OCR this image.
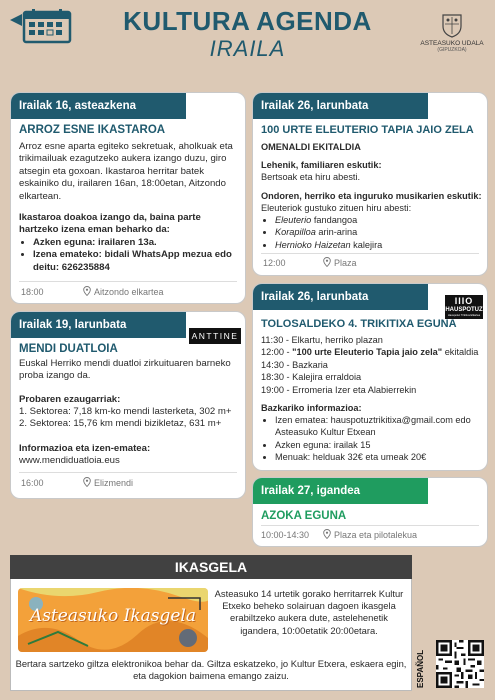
KULTURA AGENDA
IRAILA	ASTEASUKO UDALA
(GIPUZKOA)
Irailak 16, asteazkena
ARROZ ESNE IKASTAROA
Arroz esne aparta egiteko sekretuak, aholkuak eta trikimailuak ezagutzeko aukera izango duzu, giro atsegin eta goxoan. Ikastaroa herritar batek eskainiko du, irailaren 16an, 18:00etan, Aitzondo elkartean.
Ikastaroa doakoa izango da, baina parte hartzeko izena eman beharko da:
• Azken eguna: irailaren 13a.
• Izena emateko: bidali WhatsApp mezua edo deitu: 626235884
18:00	Aitzondo elkartea
Irailak 19, larunbata
ANTTINE
MENDI DUATLOIA
Euskal Herriko mendi duatloi zirkuituaren barneko proba izango da.
Probaren ezaugarriak:
1. Sektorea: 7,18 km-ko mendi lasterketa, 302 m+
2. Sektorea: 15,76 km mendi bizikletaz, 631 m+
Informazioa eta izen-ematea:
www.mendiduatloia.eus
16:00	Elizmendi
Irailak 26, larunbata
100 URTE ELEUTERIO TAPIA JAIO ZELA
OMENALDI EKITALDIA
Lehenik, familiaren eskutik:
Bertsoak eta hiru abesti.
Ondoren, herriko eta inguruko musikarien eskutik:
Eleuteriok gustuko zituen hiru abesti:
• Eleuterio fandangoa
• Korapilloa arin-arina
• Hernioko Haizetan kalejira
12:00	Plaza
Irailak 26, larunbata	IIIO
HAUSPOTUZ
Hauspotuz Trikitixa Elkartea
TOLOSALDEKO 4. TRIKITIXA EGUNA
11:30 - Elkartu, herriko plazan
12:00 - "100 urte Eleuterio Tapia jaio zela" ekitaldia
14:30 - Bazkaria
18:30 - Kalejira erraldoia
19:00 - Erromeria Izer eta Alabierrekin
Bazkariko informazioa:
• Izen ematea: hauspotuztrikitixa@gmail.com edo Asteasuko Kultur Etxean
• Azken eguna: irailak 15
• Menuak: helduak 32€ eta umeak 20€
Irailak 27, igandea
AZOKA EGUNA
10:00-14:30	Plaza eta pilotalekua
IKASGELA
Asteasuko Ikasgela
Asteasuko 14 urtetik gorako herritarrek Kultur Etxeko beheko solairuan dagoen ikasgela erabiltzeko aukera dute, astelehenetik igandera, 10:00etatik 20:00etara.
Bertara sartzeko giltza elektronikoa behar da. Giltza eskatzeko, jo Kultur Etxera, eskaera egin, eta dagokion baimena emango zaizu.	ESPAÑOL
